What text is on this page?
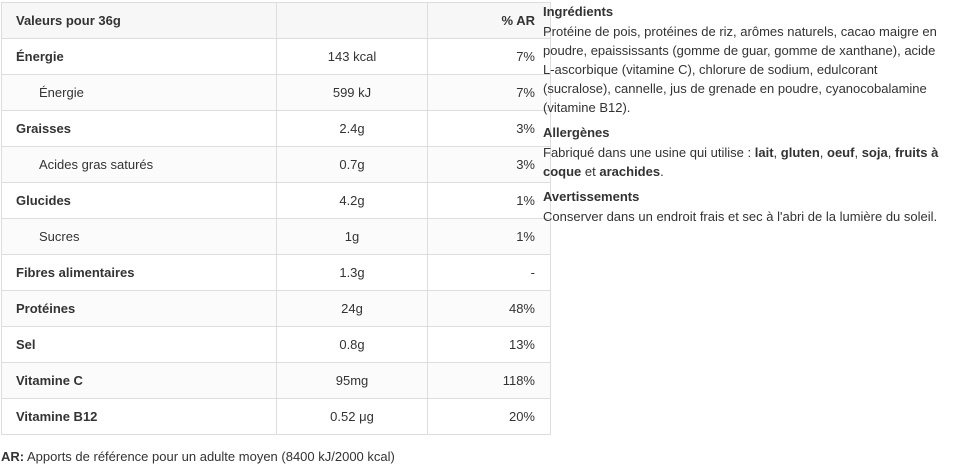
Valeurs pour 36g		% AR
Énergie	143 kcal	7%
Énergie	599 kJ	7%
Graisses	2.4g	3%
Acides gras saturés	0.7g	3%
Glucides	4.2g	1%
Sucres	1g	1%
Fibres alimentaires	1.3g	-
Protéines	24g	48%
Sel	0.8g	13%
Vitamine C	95mg	118%
Vitamine B12	0.52 μg	20%
AR: Apports de référence pour un adulte moyen (8400 kJ/2000 kcal)
Ingrédients

Protéine de pois, protéines de riz, arômes naturels, cacao maigre en poudre, epaississants (gomme de guar, gomme de xanthane), acide L-ascorbique (vitamine C), chlorure de sodium, edulcorant (sucralose), cannelle, jus de grenade en poudre, cyanocobalamine (vitamine B12).

Allergènes

Fabriqué dans une usine qui utilise : lait, gluten, oeuf, soja, fruits à coque et arachides.

Avertissements

Conserver dans un endroit frais et sec à l'abri de la lumière du soleil.
